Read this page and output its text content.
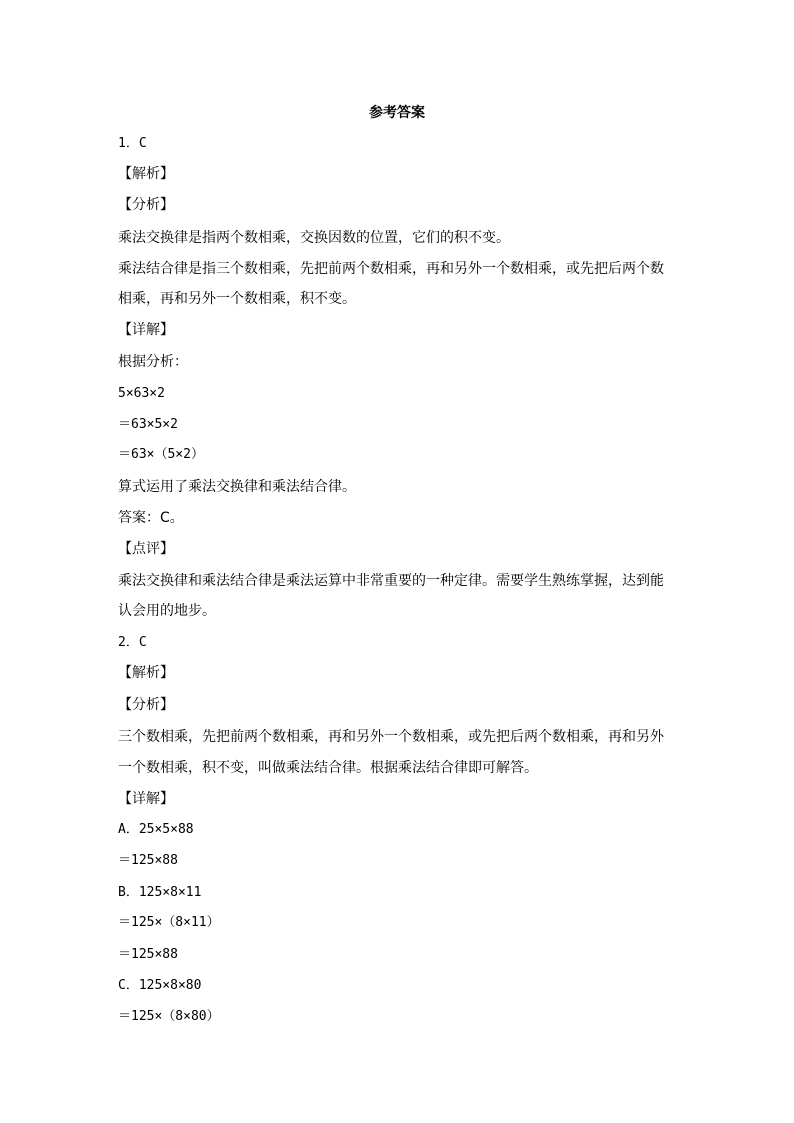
参考答案
1．C
【解析】
【分析】
乘法交换律是指两个数相乘，交换因数的位置，它们的积不变。
乘法结合律是指三个数相乘，先把前两个数相乘，再和另外一个数相乘，或先把后两个数
相乘，再和另外一个数相乘，积不变。
【详解】
根据分析：
5×63×2
＝63×5×2
＝63×（5×2）
算式运用了乘法交换律和乘法结合律。
答案：C。
【点评】
乘法交换律和乘法结合律是乘法运算中非常重要的一种定律。需要学生熟练掌握，达到能
认会用的地步。
2．C
【解析】
【分析】
三个数相乘，先把前两个数相乘，再和另外一个数相乘，或先把后两个数相乘，再和另外
一个数相乘，积不变，叫做乘法结合律。根据乘法结合律即可解答。
【详解】
A．25×5×88
＝125×88
B．125×8×11
＝125×（8×11）
＝125×88
C．125×8×80
＝125×（8×80）
